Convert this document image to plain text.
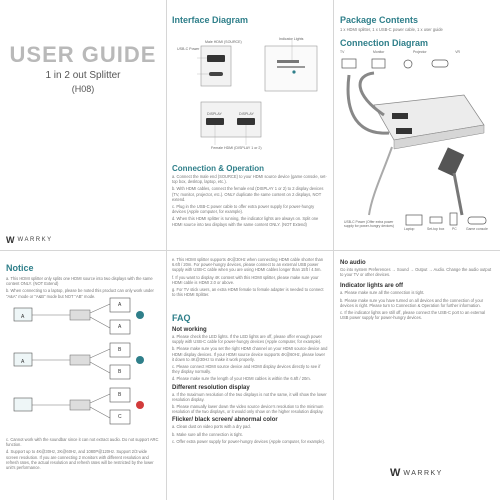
USER GUIDE
1 in 2 out Splitter
(H08)
W WARRKY
Interface Diagram
Male HDMI (SOURCE)
USB-C Power
Indicator Lights
DISPLAY	DISPLAY
Female HDMI (DISPLAY 1 or 2)
Connection & Operation

a. Connect the male end (SOURCE) to your HDMI source device (game console, set-top box, desktop, laptop, etc.).

b. With HDMI cables, connect the female end (DISPLAY 1 or 2) to 2 display devices (TV, monitor, projector, etc.). ONLY duplicate the same content on 2 displays, NOT extend.

c. Plug in the USB-C power cable to offer extra power supply for power-hungry devices (Apple computer, for example).

d. When this HDMI splitter is running, the indicator lights are always on. Split one HDMI source into two displays with the same content ONLY. (NOT Extend)

Package Contents
1 x HDMI splitter, 1 x USB-C power cable, 1 x user guide
Connection Diagram
TV	Monitor	Projector	VR
USB-C Power (Offer extra power supply for power-hungry devices)
Laptop	Set-top box PC	Game console
Notice

a. This HDMI splitter only splits one HDMI source into two displays with the same content ONLY. (NOT Extend)

b. When connecting to a laptop, please be noted this product can only work under "A&A" mode or "A&B" mode but NOT "AB" mode.

A
A
A
A
B
B
B
C

c. Cannot work with the soundbar since it can not extract audio. Do not support ARC function.

d. Support up to 4K@30Hz, 2K@60Hz, and 1080P@120Hz. Support 2/3 wide screen resolution. If you are connecting 2 monitors with different resolution and refresh rates, the actual resolution and refresh rates will be restricted by the lower unit's performance.

e. This HDMI splitter supports 4K@30Hz when connecting HDMI cable shorter than 6.6ft / 20m. For power-hungry devices, please connect to an external USB power supply with USB-C cable when you are using HDMI cables longer than 15ft / 4.5m.

f. If you want to display 4K content with this HDMI splitter, please make sure your HDMI cable is HDMI 2.0 or above.

g. For TV stick users, an extra HDMI female to female adapter is needed to connect to this HDMI Splitter.

FAQ
Not working

a. Please check the LED lights. If the LED lights are off, please offer enough power supply with USB-C cable for power-hungry devices (Apple computer, for example).

b. Please make sure you set the right HDMI channel on your HDMI source device and HDMI display devices. If your HDMI source device supports 4K@60Hz, please lower it down to 4K@30Hz to make it work properly.

c. Please connect HDMI source device and HDMI display devices directly to see if they display normally.

d. Please make sure the length of your HDMI cables is within the 6.6ft / 20m.

Different resolution display

a. If the maximum resolution of the two displays is not the same, it will show the lower resolution display.

b. Please manually lower down the video source device's resolution to the minimum resolution of the two displays, or it would only show on the higher resolution display.

Flicker/ black screen/ abnormal color

a. Clean dust on video ports with a dry pad.

b. Make sure all the connection is tight.

c. Offer extra power supply for power-hungry devices (Apple computer, for example).

No audio

Go into system Preferences → Sound → Output → Audio. Change the audio output to your TV or other devices.

Indicator lights are off

a. Please make sure all the connection is tight.

b. Please make sure you have turned on all devices and the connection of your devices is right. Please turn to Connection & Operation for further information.

c. If the indicator lights are still off, please connect the USB-C port to an external USB power supply for power-hungry devices.

W WARRKY
